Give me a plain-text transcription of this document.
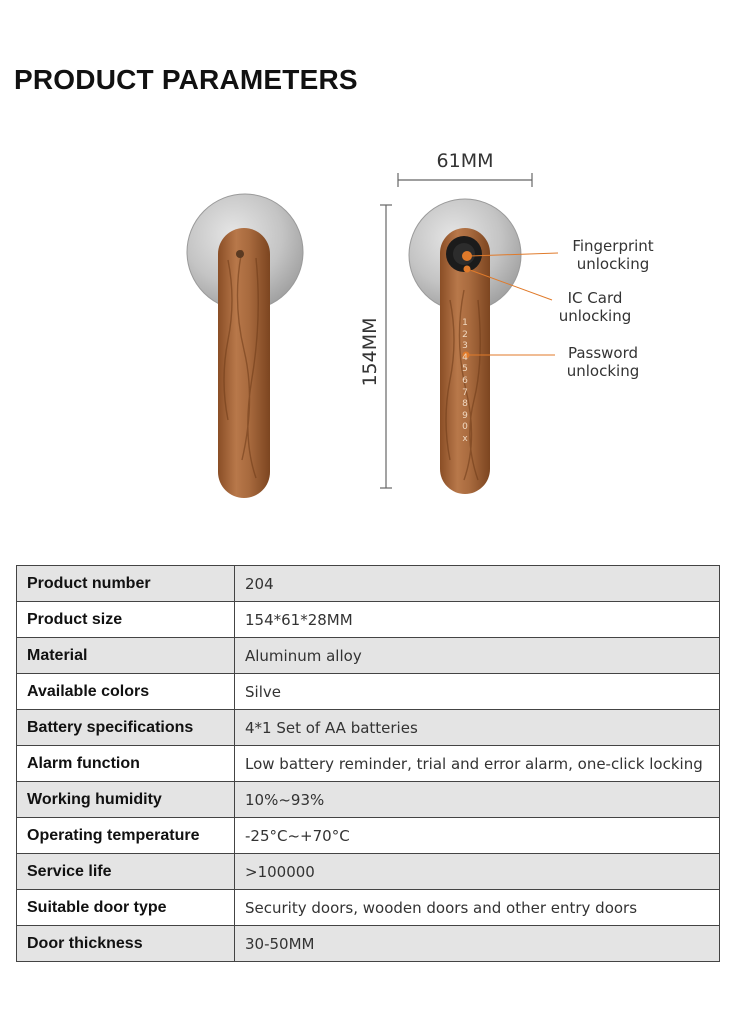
PRODUCT PARAMETERS
61MM
154MM
Fingerprint
unlocking
IC Card
unlocking
Password
unlocking
1
2
3
4
5
6
7
8
9
0
x
Product number	204
Product size	154*61*28MM
Material	Aluminum alloy
Available colors	Silve
Battery specifications	4*1 Set of AA batteries
Alarm function	Low battery reminder, trial and error alarm, one-click locking
Working humidity	10%~93%
Operating temperature	-25°C~+70°C
Service life	>100000
Suitable door type	Security doors, wooden doors and other entry doors
Door thickness	30-50MM
